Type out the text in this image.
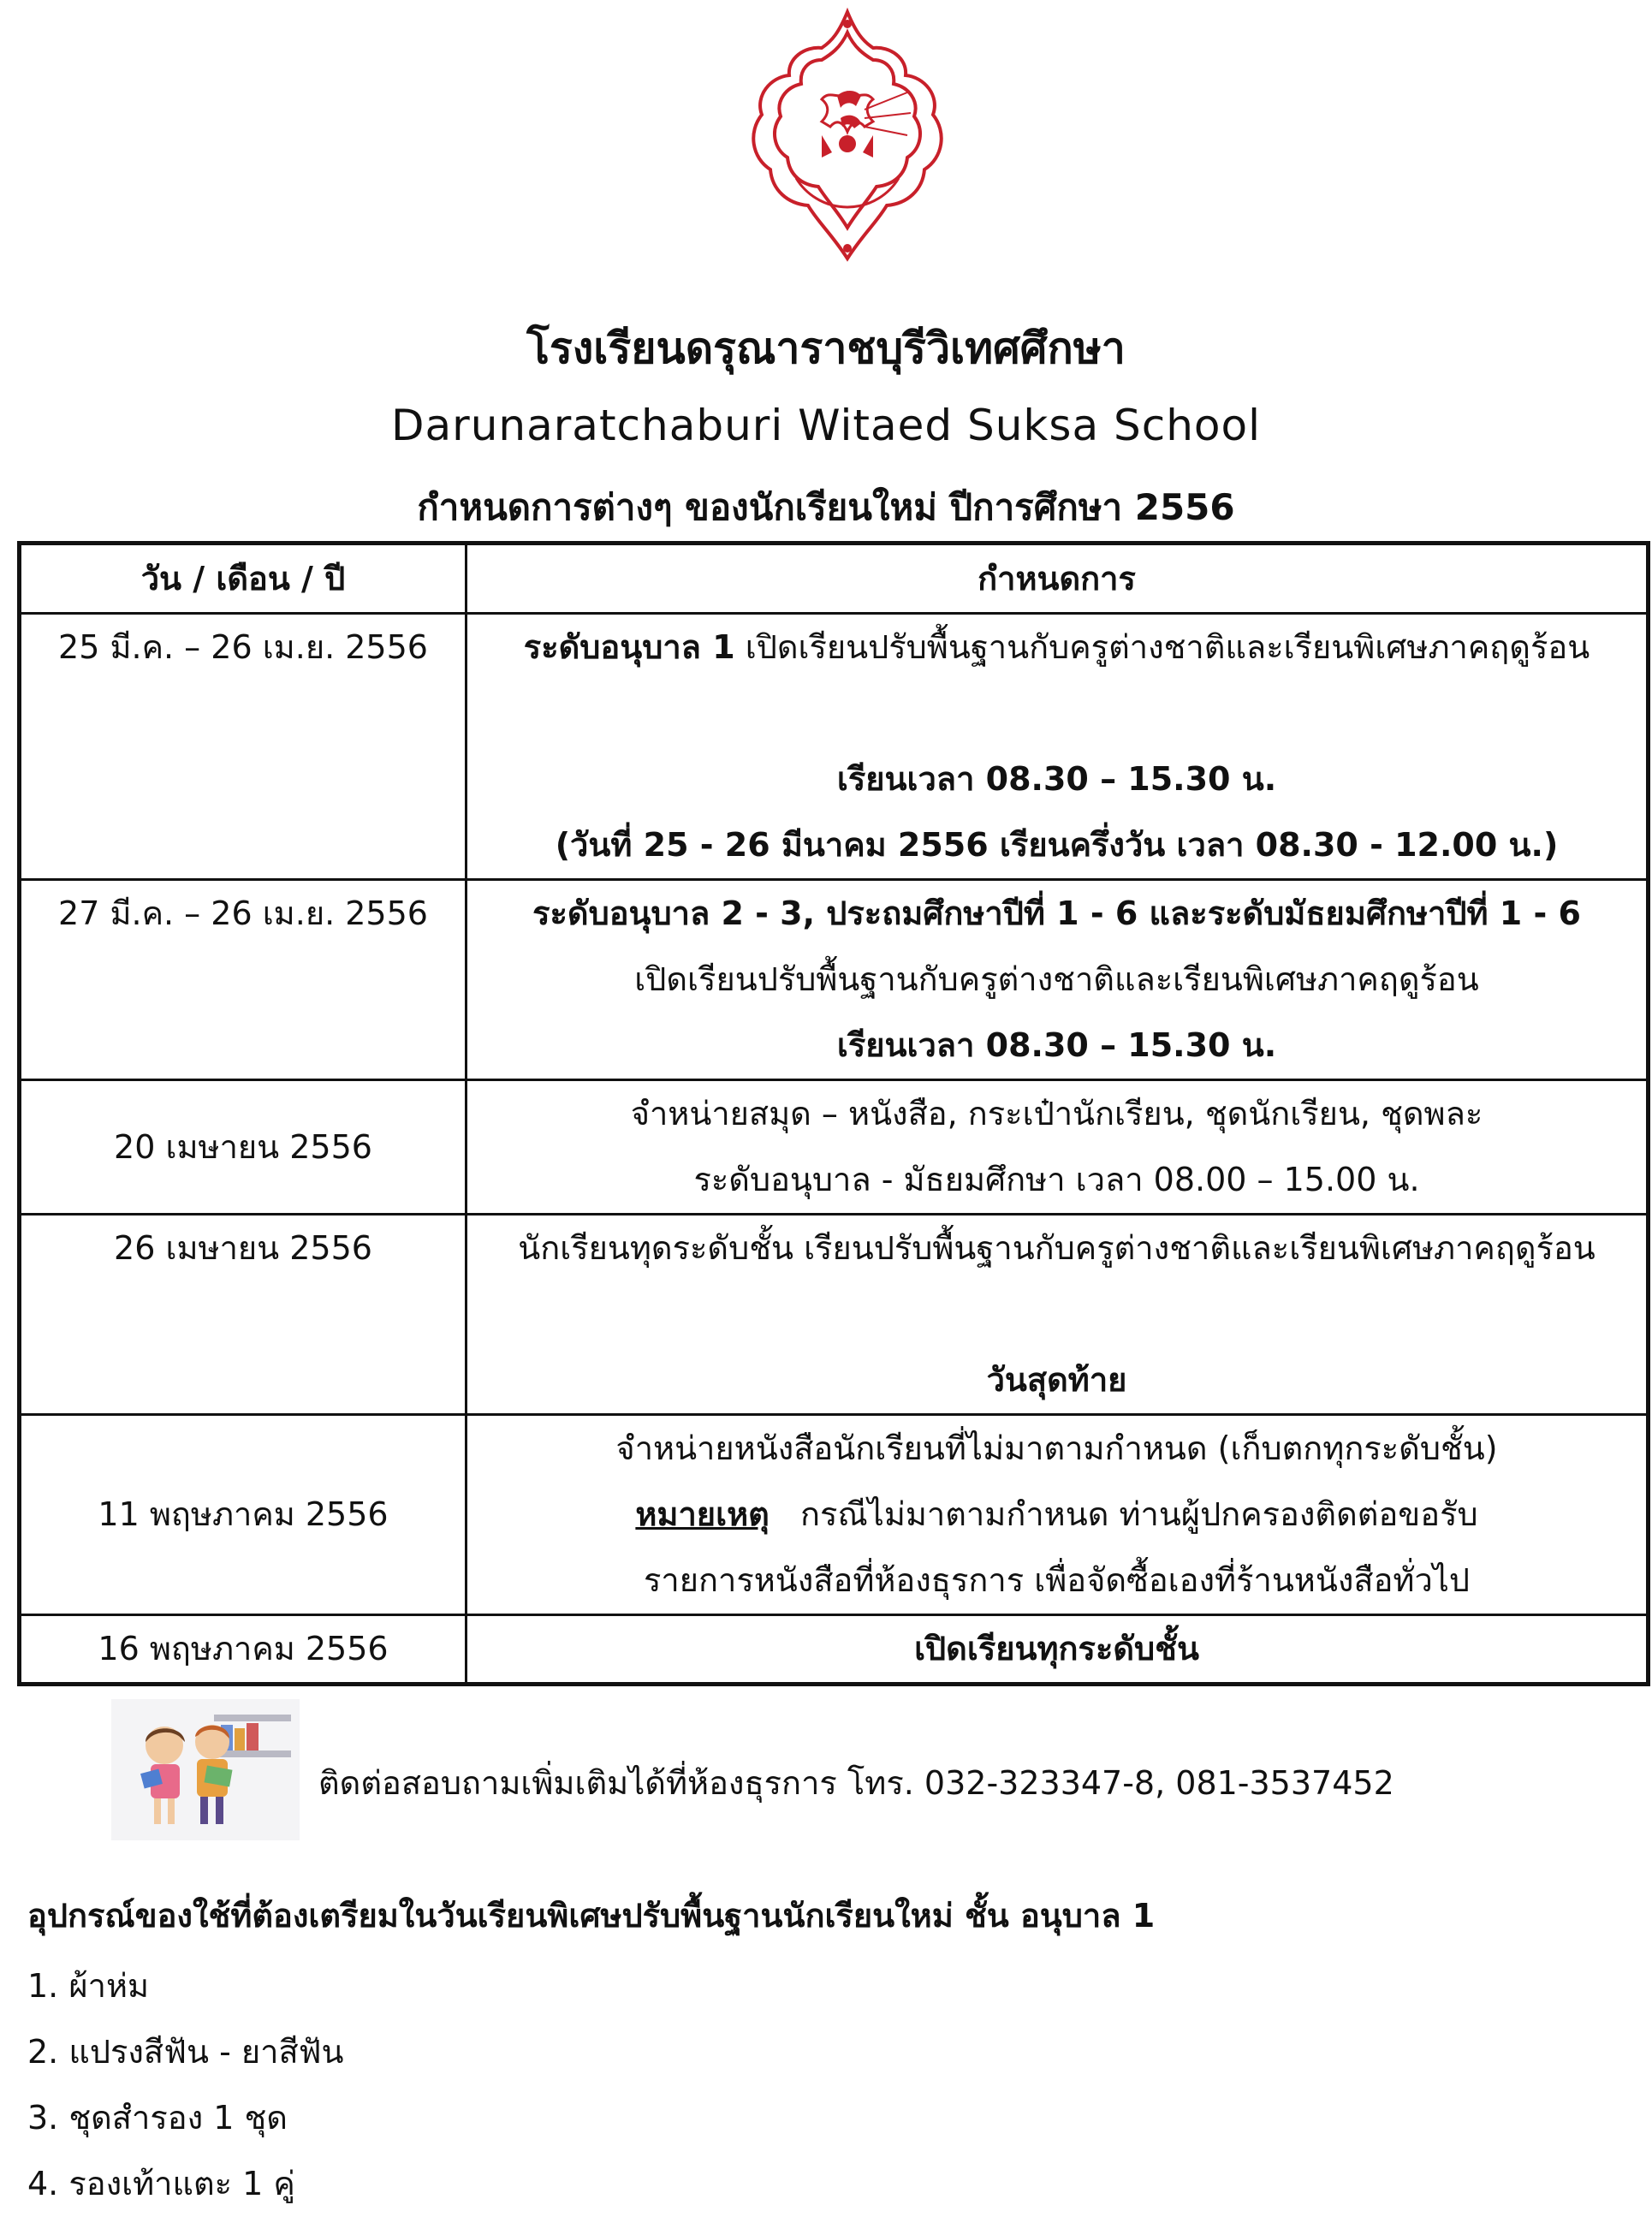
โรงเรียนดรุณาราชบุรีวิเทศศึกษา
Darunaratchaburi Witaed Suksa School
กำหนดการต่างๆ ของนักเรียนใหม่ ปีการศึกษา 2556
วัน / เดือน / ปี	กำหนดการ
25 มี.ค. – 26 เม.ย. 2556	ระดับอนุบาล 1 เปิดเรียนปรับพื้นฐานกับครูต่างชาติและเรียนพิเศษภาคฤดูร้อน
เรียนเวลา 08.30 – 15.30 น.
(วันที่ 25 - 26 มีนาคม 2556 เรียนครึ่งวัน เวลา 08.30 - 12.00 น.)

27 มี.ค. – 26 เม.ย. 2556	ระดับอนุบาล 2 - 3, ประถมศึกษาปีที่ 1 - 6 และระดับมัธยมศึกษาปีที่ 1 - 6
เปิดเรียนปรับพื้นฐานกับครูต่างชาติและเรียนพิเศษภาคฤดูร้อน
เรียนเวลา 08.30 – 15.30 น.

20 เมษายน 2556	จำหน่ายสมุด – หนังสือ, กระเป๋านักเรียน, ชุดนักเรียน, ชุดพละ
ระดับอนุบาล - มัธยมศึกษา เวลา 08.00 – 15.00 น.

26 เมษายน 2556	นักเรียนทุดระดับชั้น เรียนปรับพื้นฐานกับครูต่างชาติและเรียนพิเศษภาคฤดูร้อน
วันสุดท้าย

11 พฤษภาคม 2556	จำหน่ายหนังสือนักเรียนที่ไม่มาตามกำหนด (เก็บตกทุกระดับชั้น)
หมายเหตุ   กรณีไม่มาตามกำหนด ท่านผู้ปกครองติดต่อขอรับ
รายการหนังสือที่ห้องธุรการ เพื่อจัดซื้อเองที่ร้านหนังสือทั่วไป

16 พฤษภาคม 2556	เปิดเรียนทุกระดับชั้น
ติดต่อสอบถามเพิ่มเติมได้ที่ห้องธุรการ โทร. 032-323347-8, 081-3537452
อุปกรณ์ของใช้ที่ต้องเตรียมในวันเรียนพิเศษปรับพื้นฐานนักเรียนใหม่ ชั้น อนุบาล 1
1. ผ้าห่ม
2. แปรงสีฟัน - ยาสีฟัน
3. ชุดสำรอง 1 ชุด
4. รองเท้าแตะ 1 คู่
